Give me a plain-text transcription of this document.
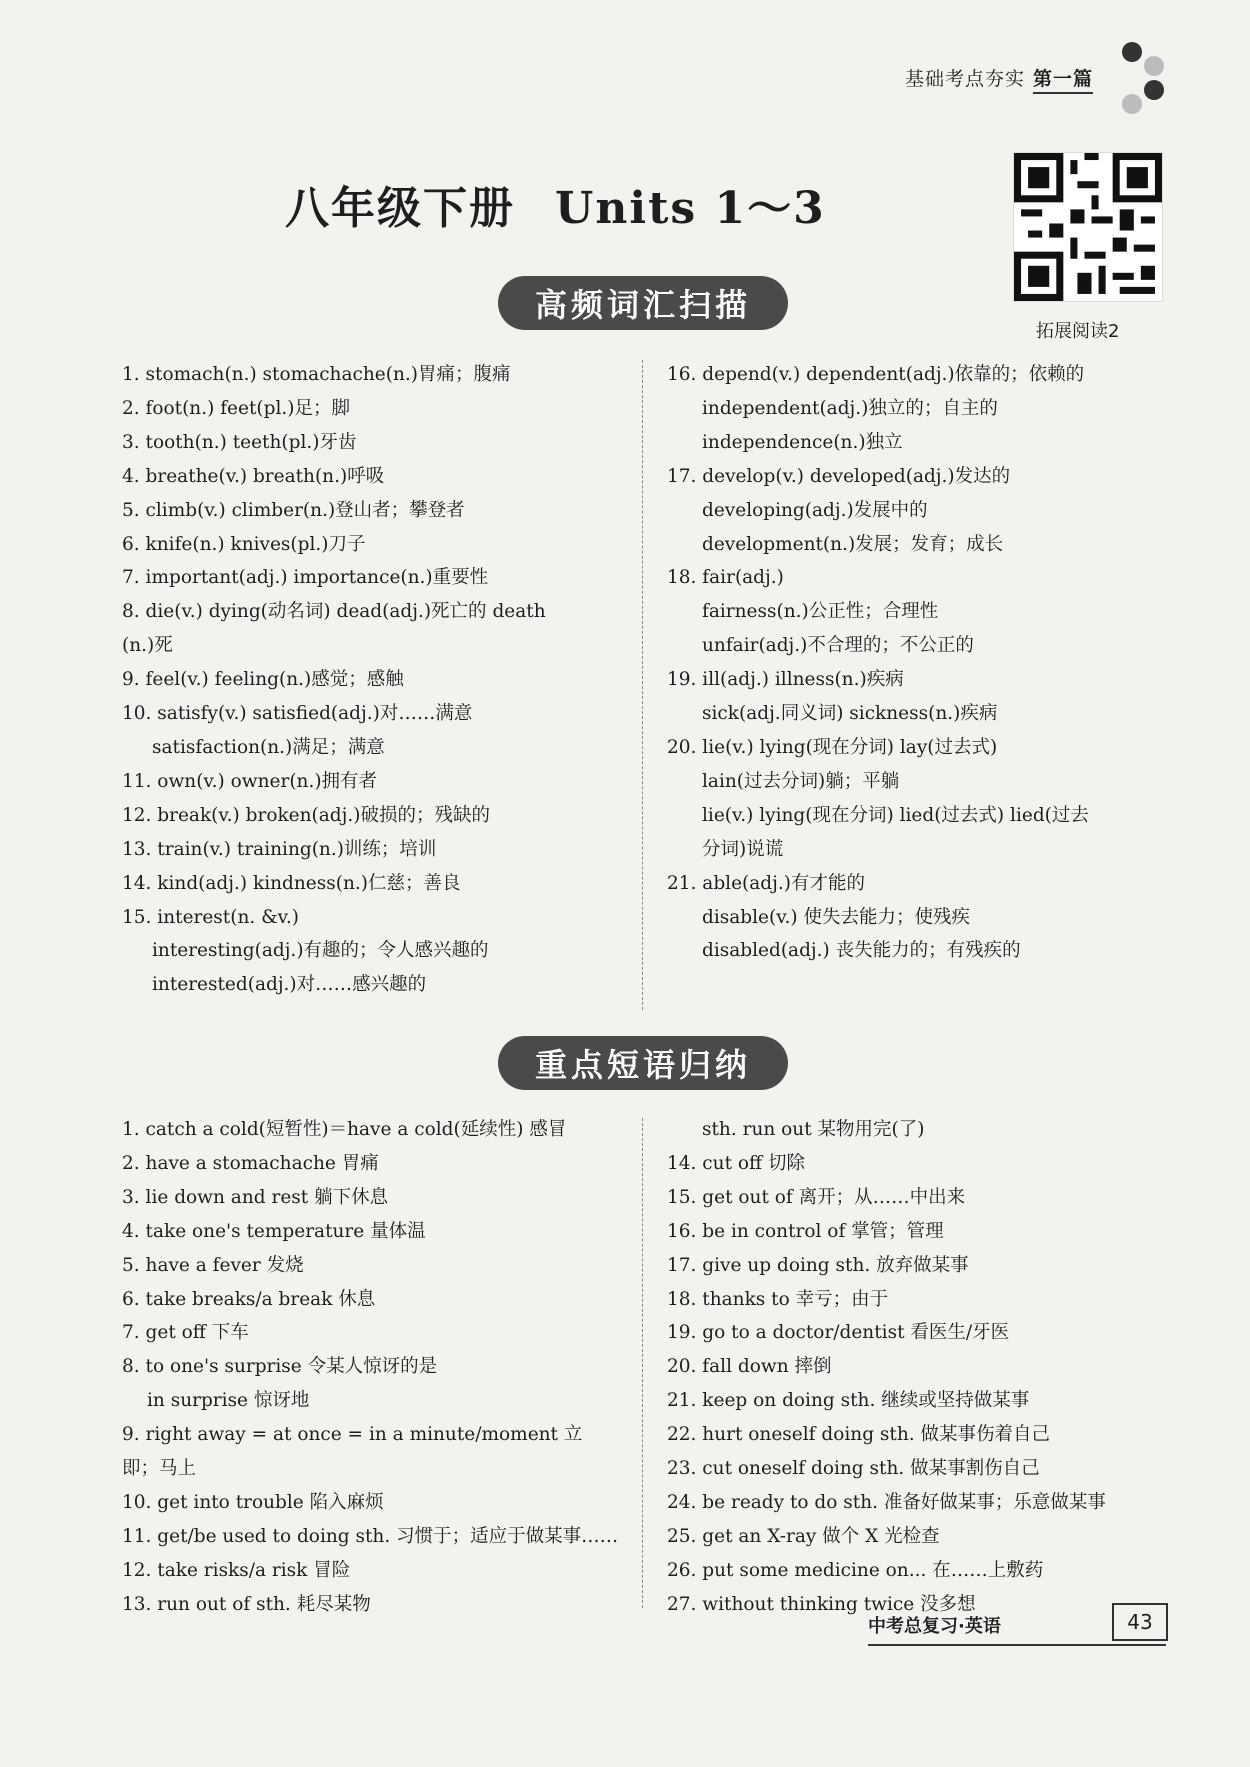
基础考点夯实 第一篇
八年级下册 Units 1～3
拓展阅读2
高频词汇扫描
1. stomach(n.) stomachache(n.)胃痛；腹痛
2. foot(n.) feet(pl.)足；脚
3. tooth(n.) teeth(pl.)牙齿
4. breathe(v.) breath(n.)呼吸
5. climb(v.) climber(n.)登山者；攀登者
6. knife(n.) knives(pl.)刀子
7. important(adj.) importance(n.)重要性
8. die(v.) dying(动名词) dead(adj.)死亡的 death
(n.)死
9. feel(v.) feeling(n.)感觉；感触
10. satisfy(v.) satisfied(adj.)对……满意
satisfaction(n.)满足；满意
11. own(v.) owner(n.)拥有者
12. break(v.) broken(adj.)破损的；残缺的
13. train(v.) training(n.)训练；培训
14. kind(adj.) kindness(n.)仁慈；善良
15. interest(n. &v.)
interesting(adj.)有趣的；令人感兴趣的
interested(adj.)对……感兴趣的
16. depend(v.) dependent(adj.)依靠的；依赖的
independent(adj.)独立的；自主的
independence(n.)独立
17. develop(v.) developed(adj.)发达的
developing(adj.)发展中的
development(n.)发展；发育；成长
18. fair(adj.)
fairness(n.)公正性；合理性
unfair(adj.)不合理的；不公正的
19. ill(adj.) illness(n.)疾病
sick(adj.同义词) sickness(n.)疾病
20. lie(v.) lying(现在分词) lay(过去式)
lain(过去分词)躺；平躺
lie(v.) lying(现在分词) lied(过去式) lied(过去
分词)说谎
21. able(adj.)有才能的
disable(v.) 使失去能力；使残疾
disabled(adj.) 丧失能力的；有残疾的
重点短语归纳
1. catch a cold(短暂性)＝have a cold(延续性) 感冒
2. have a stomachache 胃痛
3. lie down and rest 躺下休息
4. take one's temperature 量体温
5. have a fever 发烧
6. take breaks/a break 休息
7. get off 下车
8. to one's surprise 令某人惊讶的是
in surprise 惊讶地
9. right away = at once = in a minute/moment 立
即；马上
10. get into trouble 陷入麻烦
11. get/be used to doing sth. 习惯于；适应于做某事……
12. take risks/a risk 冒险
13. run out of sth. 耗尽某物
sth. run out 某物用完(了)
14. cut off 切除
15. get out of 离开；从……中出来
16. be in control of 掌管；管理
17. give up doing sth. 放弃做某事
18. thanks to 幸亏；由于
19. go to a doctor/dentist 看医生/牙医
20. fall down 摔倒
21. keep on doing sth. 继续或坚持做某事
22. hurt oneself doing sth. 做某事伤着自己
23. cut oneself doing sth. 做某事割伤自己
24. be ready to do sth. 准备好做某事；乐意做某事
25. get an X-ray 做个 X 光检查
26. put some medicine on... 在……上敷药
27. without thinking twice 没多想
中考总复习·英语	43
